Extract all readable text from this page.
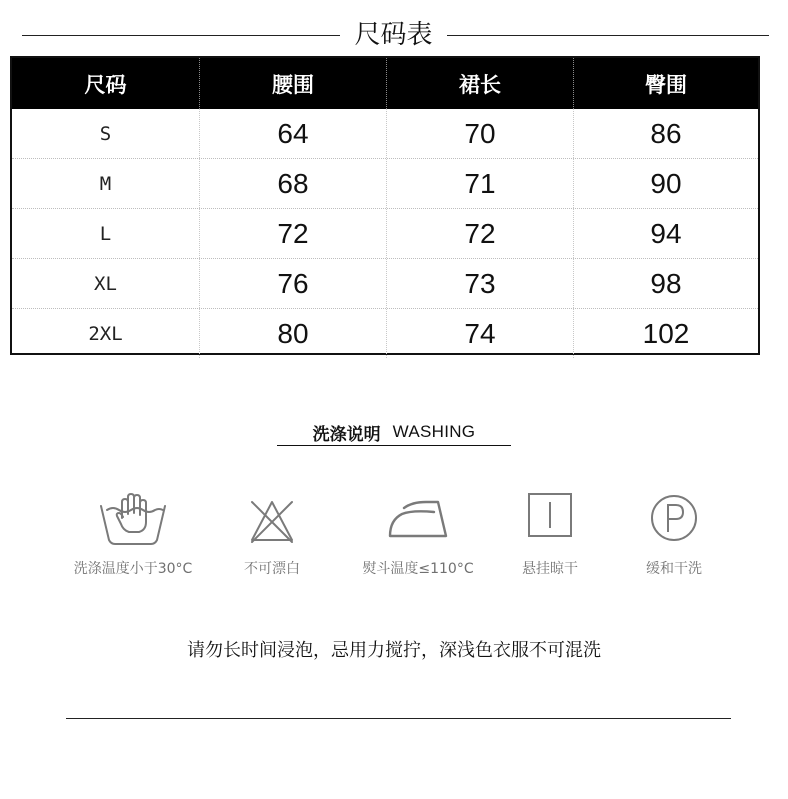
尺码表
尺码	腰围	裙长	臀围
S	64	70	86
M	68	71	90
L	72	72	94
XL	76	73	98
2XL	80	74	102
洗涤说明 WASHING
洗涤温度小于30°C	不可漂白	熨斗温度≤110°C	悬挂晾干	缓和干洗
请勿长时间浸泡，忌用力搅拧，深浅色衣服不可混洗
